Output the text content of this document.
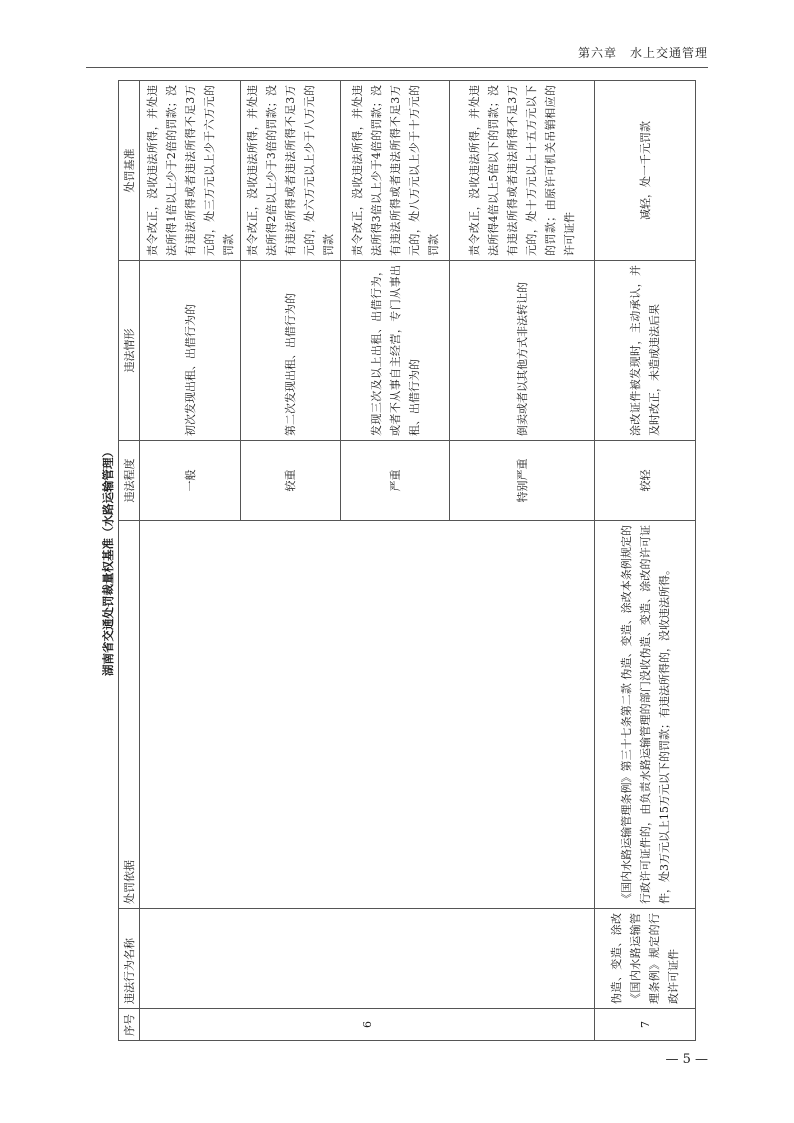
第六章　水上交通管理
湖南省交通处罚裁量权基准（水路运输管理）
序号	违法行为名称	处罚依据	违法程度	违法情形	处罚基准
6			一般	初次发现出租、出借行为的	责令改正，没收违法所得，并处违法所得1倍以上少于2倍的罚款；没有违法所得或者违法所得不足3万元的，处三万元以上少于六万元的罚款
			较重	第二次发现出租、出借行为的	责令改正，没收违法所得，并处违法所得2倍以上少于3倍的罚款；没有违法所得或者违法所得不足3万元的，处六万元以上少于八万元的罚款
			严重	发现三次及以上出租、出借行为，或者不从事自主经营，专门从事出租、出借行为的	责令改正，没收违法所得，并处违法所得3倍以上少于4倍的罚款；没有违法所得或者违法所得不足3万元的，处八万元以上少于十万元的罚款
			特别严重	倒卖或者以其他方式非法转让的	责令改正，没收违法所得，并处违法所得4倍以上5倍以下的罚款；没有违法所得或者违法所得不足3万元的，处十万元以上十五万元以下的罚款；由原许可机关吊销相应的许可证件
7	伪造、变造、涂改《国内水路运输管理条例》规定的行政许可证件	《国内水路运输管理条例》第三十七条第二款 伪造、变造、涂改本条例规定的行政许可证件的，由负责水路运输管理的部门没收伪造、变造、涂改的许可证件，处3万元以上15万元以下的罚款；有违法所得的，没收违法所得。	较轻	涂改证件被发现时，主动承认，并及时改正，未造成违法后果	减轻，处一千元罚款
— 5 —
